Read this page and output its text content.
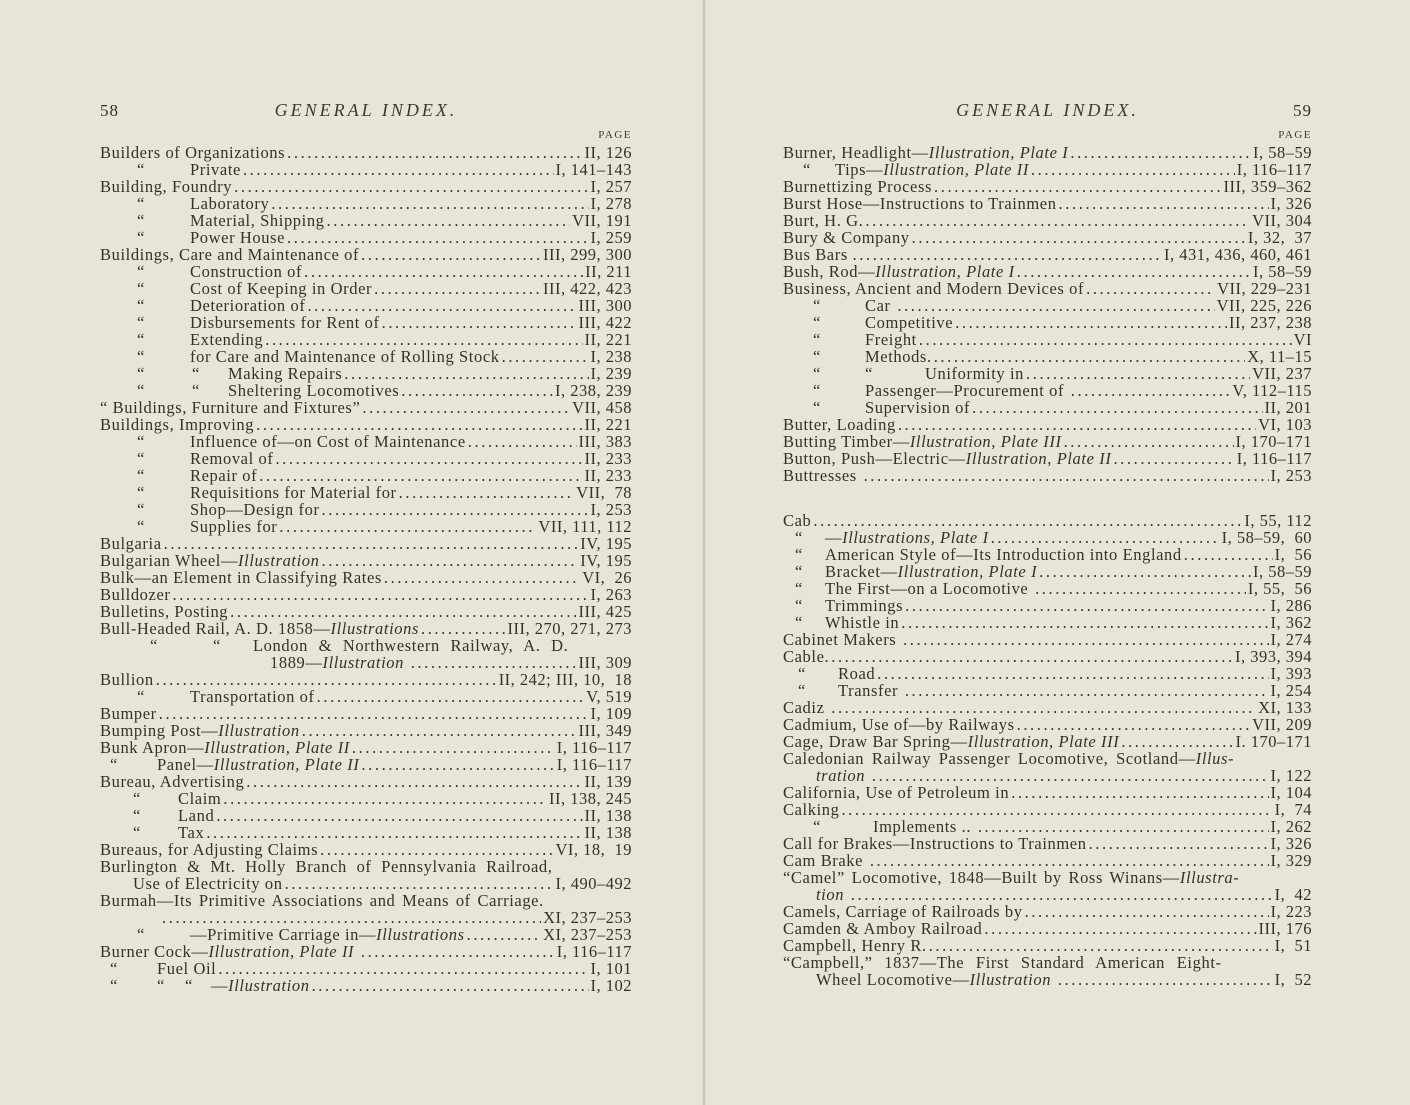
58	GENERAL INDEX.
PAGE
Builders of Organizations .....	II, 126
“	Private .....	I, 141–143
Building, Foundry .....	I, 257
“	Laboratory .....	I, 278
“	Material, Shipping .....	VII, 191
“	Power House .....	I, 259
Buildings, Care and Maintenance of .....	III, 299, 300
“	Construction of .....	II, 211
“	Cost of Keeping in Order .....	III, 422, 423
“	Deterioration of .....	III, 300
“	Disbursements for Rent of .....	III, 422
“	Extending .....	II, 221
“	for Care and Maintenance of Rolling Stock .....	I, 238
“	“	Making Repairs .....	I, 239
“	“	Sheltering Locomotives .....	I, 238, 239
“ Buildings, Furniture and Fixtures” .....	VII, 458
Buildings, Improving .....	II, 221
“	Influence of—on Cost of Maintenance .....	III, 383
“	Removal of .....	II, 233
“	Repair of .....	II, 233
“	Requisitions for Material for .....	VII,  78
“	Shop—Design for .....	I, 253
“	Supplies for .....	VII, 111, 112
Bulgaria .....	IV, 195
Bulgarian Wheel— Illustration .....	IV, 195
Bulk—an Element in Classifying Rates .....	VI,  26
Bulldozer .....	I, 263
Bulletins, Posting .....	III, 425
Bull-Headed Rail, A. D. 1858— Illustrations .....	III, 270, 271, 273
“	“	London & Northwestern Railway, A. D.
1889— Illustration .....	III, 309
Bullion .....	II, 242; III, 10,  18
“	Transportation of .....	V, 519
Bumper .....	I, 109
Bumping Post— Illustration .....	III, 349
Bunk Apron— Illustration, Plate II .....	I, 116–117
“	Panel— Illustration, Plate II .....	I, 116–117
Bureau, Advertising .....	II, 139
“	Claim .....	II, 138, 245
“	Land .....	II, 138
“	Tax .....	II, 138
Bureaus, for Adjusting Claims .....	VI, 18,  19
Burlington & Mt. Holly Branch of Pennsylvania Railroad,
Use of Electricity on .....	I, 490–492
Burmah—Its Primitive Associations and Means of Carriage.
.....
XI, 237–253
“	—Primitive Carriage in— Illustrations .....	XI, 237–253
Burner Cock— Illustration, Plate II .....	I, 116–117
“	Fuel Oil .....	I, 101
“	“	“	— Illustration .....	I, 102
GENERAL INDEX.	59
PAGE
Burner, Headlight— Illustration, Plate I .....	I, 58–59
“	Tips— Illustration, Plate II .....	I, 116–117
Burnettizing Process .....	III, 359–362
Burst Hose—Instructions to Trainmen .....	I, 326
Burt, H. G. .....	VII, 304
Bury & Company .....	I, 32,  37
Bus Bars . .....	I, 431, 436, 460, 461
Bush, Rod— Illustration, Plate I .....	I, 58–59
Business, Ancient and Modern Devices of .....	VII, 229–231
“	Car .....	VII, 225, 226
“	Competitive .....	II, 237, 238
“	Freight .....	VI
“	Methods. .....	X, 11–15
“	“	Uniformity in .....	VII, 237
“	Passenger—Procurement of .....	V, 112–115
“	Supervision of .....	II, 201
Butter, Loading .....	VI, 103
Butting Timber— Illustration, Plate III .....	I, 170–171
Button, Push—Electric— Illustration, Plate II .....	I, 116–117
Buttresses .....	I, 253
Cab .....	I, 55, 112
“	— Illustrations, Plate I .....	I, 58–59,  60
“	American Style of—Its Introduction into England .....	I,  56
“	Bracket— Illustration, Plate I .....	I, 58–59
“	The First—on a Locomotive .....	I, 55,  56
“	Trimmings .....	I, 286
“	Whistle in .....	I, 362
Cabinet Makers .....	I, 274
Cable. .....	I, 393, 394
“	Road .....	I, 393
“	Transfer .....	I, 254
Cadiz .....	XI, 133
Cadmium, Use of—by Railways .....	VII, 209
Cage, Draw Bar Spring— Illustration, Plate III .....	I. 170–171
Caledonian Railway Passenger Locomotive, Scotland— Illus-
tration .....	I, 122
California, Use of Petroleum in .....	I, 104
Calking .....	I,  74
“	Implements .. .....	I, 262
Call for Brakes—Instructions to Trainmen .....	I, 326
Cam Brake .....	I, 329
“Camel” Locomotive, 1848—Built by Ross Winans— Illustra-
tion .....	I,  42
Camels, Carriage of Railroads by .....	I, 223
Camden & Amboy Railroad .....	III, 176
Campbell, Henry R. .....	I,  51
“Campbell,” 1837—The First Standard American Eight-
Wheel Locomotive— Illustration .....	I,  52
